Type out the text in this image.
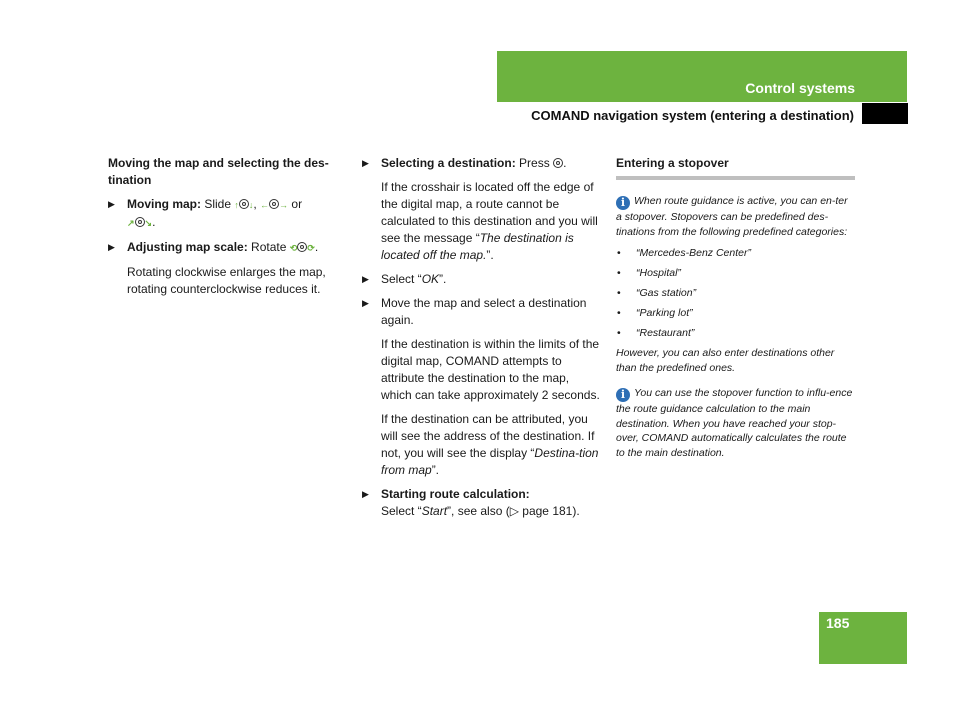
Control systems
COMAND navigation system (entering a destination)
185
Moving the map and selecting the des-tination
▶ Moving map: Slide ↑ ↓, ← → or
↗ ↘.
▶ Adjusting map scale: Rotate ⟲ ⟳.
Rotating clockwise enlarges the map, rotating counterclockwise reduces it.
▶ Selecting a destination: Press .
If the crosshair is located off the edge of the digital map, a route cannot be calculated to this destination and you will see the message “The destination is located off the map.”.
▶ Select “OK”.
▶ Move the map and select a destination again.
If the destination is within the limits of the digital map, COMAND attempts to attribute the destination to the map, which can take approximately 2 seconds.
If the destination can be attributed, you will see the address of the destination. If not, you will see the display “Destina-tion from map”.
▶ Starting route calculation:
Select “Start”, see also (▷ page 181).
Entering a stopover
i When route guidance is active, you can en-ter a stopover. Stopovers can be predefined des-tinations from the following predefined categories:
• “Mercedes-Benz Center”
• “Hospital”
• “Gas station”
• “Parking lot”
• “Restaurant”
However, you can also enter destinations other than the predefined ones.
i You can use the stopover function to influ-ence the route guidance calculation to the main destination. When you have reached your stop-over, COMAND automatically calculates the route to the main destination.
